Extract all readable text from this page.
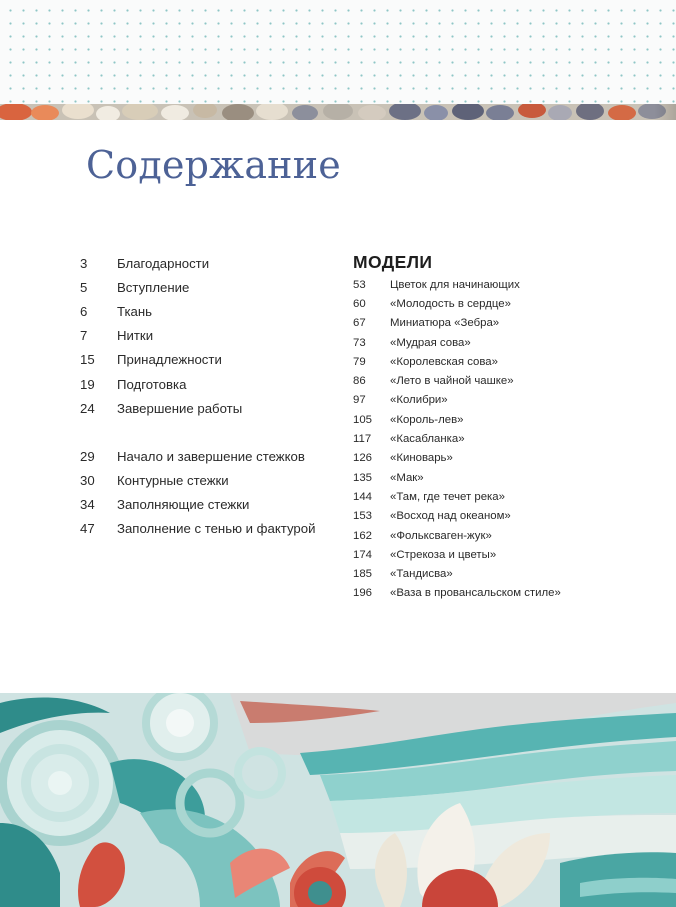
Содержание
3	Благодарности
5	Вступление
6	Ткань
7	Нитки
15	Принадлежности
19	Подготовка
24	Завершение работы
29	Начало и завершение стежков
30	Контурные стежки
34	Заполняющие стежки
47	Заполнение с тенью и фактурой
МОДЕЛИ
53	Цветок для начинающих
60	«Молодость в сердце»
67	Миниатюра «Зебра»
73	«Мудрая сова»
79	«Королевская сова»
86	«Лето в чайной чашке»
97	«Колибри»
105	«Король-лев»
117	«Касабланка»
126	«Киноварь»
135	«Мак»
144	«Там, где течет река»
153	«Восход над океаном»
162	«Фольксваген-жук»
174	«Стрекоза и цветы»
185	«Тандисва»
196	«Ваза в провансальском стиле»
